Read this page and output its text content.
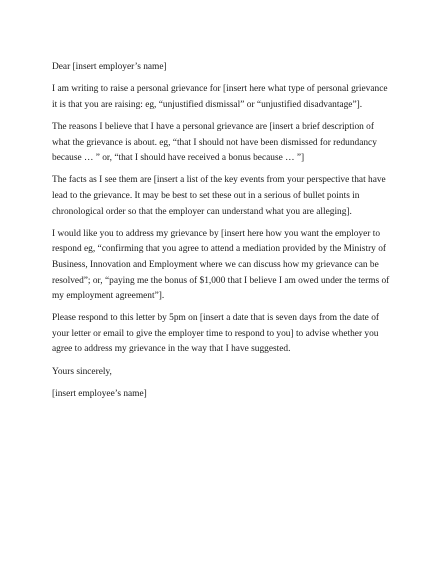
Dear [insert employer’s name]

I am writing to raise a personal grievance for [insert here what type of personal grievance
it is that you are raising: eg, “unjustified dismissal” or “unjustified disadvantage”].

The reasons I believe that I have a personal grievance are [insert a brief description of
what the grievance is about. eg, “that I should not have been dismissed for redundancy
because … ” or, “that I should have received a bonus because … ”]

The facts as I see them are [insert a list of the key events from your perspective that have
lead to the grievance. It may be best to set these out in a serious of bullet points in
chronological order so that the employer can understand what you are alleging].

I would like you to address my grievance by [insert here how you want the employer to
respond eg, “confirming that you agree to attend a mediation provided by the Ministry of
Business, Innovation and Employment where we can discuss how my grievance can be
resolved”; or, “paying me the bonus of $1,000 that I believe I am owed under the terms of
my employment agreement”].

Please respond to this letter by 5pm on [insert a date that is seven days from the date of
your letter or email to give the employer time to respond to you] to advise whether you
agree to address my grievance in the way that I have suggested.

Yours sincerely,

[insert employee’s name]
